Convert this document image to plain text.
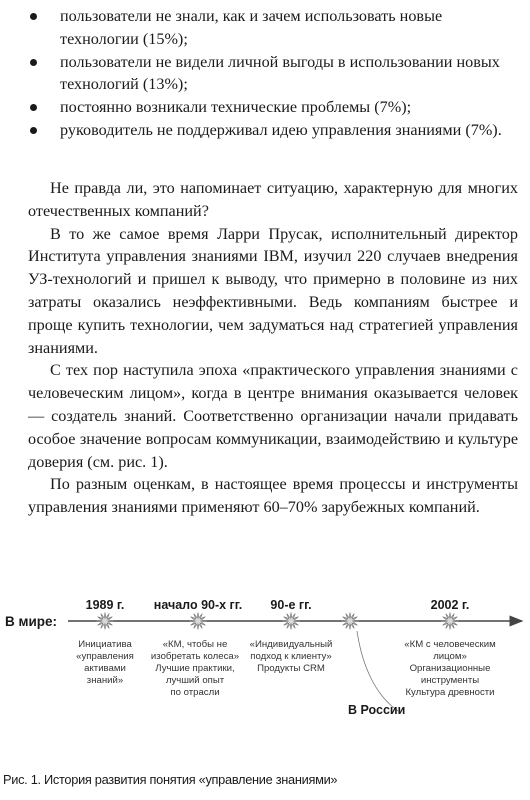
пользователи не знали, как и зачем использовать новые технологии (15%);
пользователи не видели личной выгоды в использовании новых технологий (13%);
постоянно возникали технические проблемы (7%);
руководитель не поддерживал идею управления знаниями (7%).

Не правда ли, это напоминает ситуацию, характерную для многих отечественных компаний?

В то же самое время Ларри Прусак, исполнительный директор Института управления знаниями IBM, изучил 220 случаев внедрения УЗ-технологий и пришел к выводу, что примерно в половине из них затраты оказались неэффективными. Ведь компаниям быстрее и проще купить технологии, чем задуматься над стратегией управления знаниями.

С тех пор наступила эпоха «практического управления знаниями с человеческим лицом», когда в центре внимания оказывается человек — создатель знаний. Соответственно организации начали придавать особое значение вопросам коммуникации, взаимодействию и культуре доверия (см. рис. 1).

По разным оценкам, в настоящее время процессы и инструменты управления знаниями применяют 60–70% зарубежных компаний.

В мире:
1989 г.	начало 90-х гг.	90-е гг.	2002 г.
Инициатива
«управления
активами
знаний»
«КМ, чтобы не
изобретать колеса»
Лучшие практики,
лучший опыт
по отрасли
«Индивидуальный
подход к клиенту»
Продукты CRM
«КМ с человеческим
лицом»
Организационные
инструменты
Культура древности
В России
Рис. 1. История развития понятия «управление знаниями»
